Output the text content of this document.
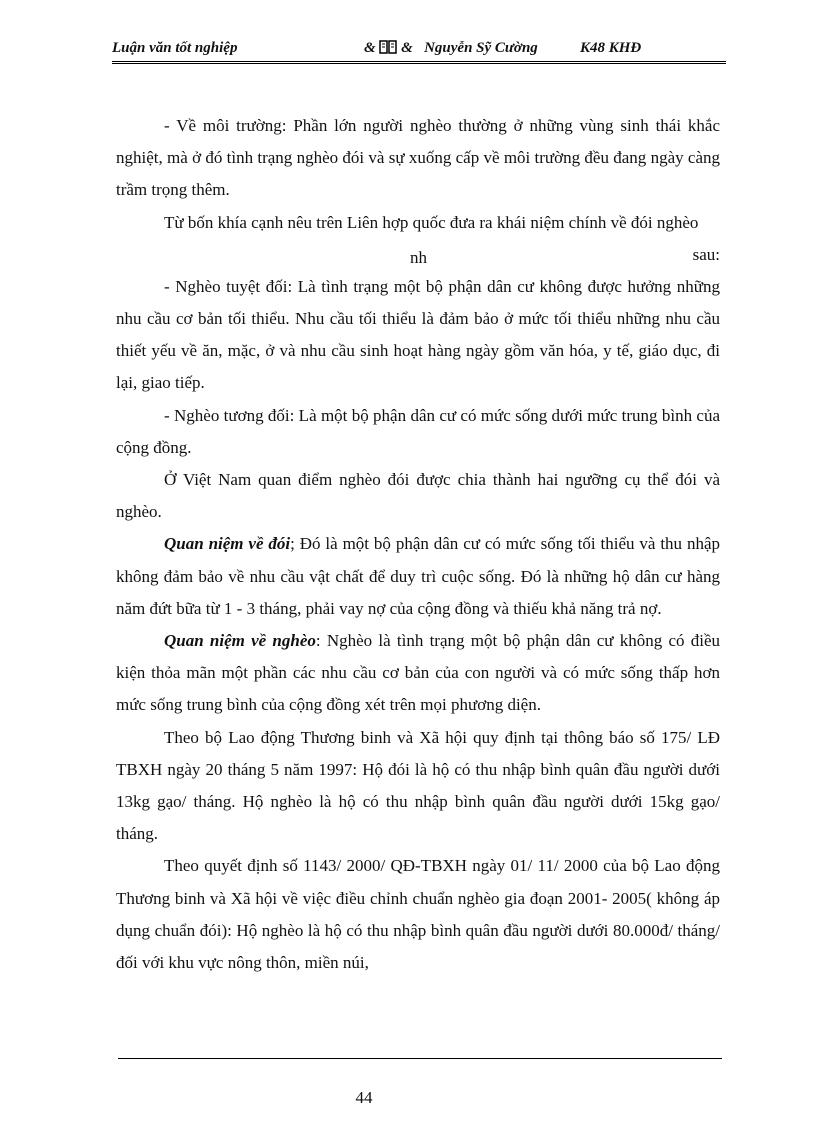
Luận văn tốt nghiệp	& & Nguyễn Sỹ Cường	K48 KHĐ

- Về môi trường: Phần lớn người nghèo thường ở những vùng sinh thái khắc nghiệt, mà ở đó tình trạng nghèo đói và sự xuống cấp về môi trường đều đang ngày càng trầm trọng thêm.

Từ bốn khía cạnh nêu trên Liên hợp quốc đưa ra khái niệm chính về đói nghèo

nh	sau:

- Nghèo tuyệt đối: Là tình trạng một bộ phận dân cư không được hưởng những nhu cầu cơ bản tối thiểu. Nhu cầu tối thiểu là đảm bảo ở mức tối thiểu những nhu cầu thiết yếu về ăn, mặc, ở và nhu cầu sinh hoạt hàng ngày gồm văn hóa, y tế, giáo dục, đi lại, giao tiếp.

- Nghèo tương đối: Là một bộ phận dân cư có mức sống dưới mức trung bình của cộng đồng.

Ở Việt Nam quan điểm nghèo đói được chia thành hai ngưỡng cụ thể đói và nghèo.

Quan niệm về đói; Đó là một bộ phận dân cư có mức sống tối thiểu và thu nhập không đảm bảo về nhu cầu vật chất để duy trì cuộc sống. Đó là những hộ dân cư hàng năm đứt bữa từ 1 - 3 tháng, phải vay nợ của cộng đồng và thiếu khả năng trả nợ.

Quan niệm về nghèo: Nghèo là tình trạng một bộ phận dân cư không có điều kiện thỏa mãn một phần các nhu cầu cơ bản của con người và có mức sống thấp hơn mức sống trung bình của cộng đồng xét trên mọi phương diện.

Theo bộ Lao động Thương binh và Xã hội quy định tại thông báo số 175/ LĐ TBXH ngày 20 tháng 5 năm 1997: Hộ đói là hộ có thu nhập bình quân đầu người dưới 13kg gạo/ tháng. Hộ nghèo là hộ có thu nhập bình quân đầu người dưới 15kg gạo/ tháng.

Theo quyết định số 1143/ 2000/ QĐ-TBXH ngày 01/ 11/ 2000 của bộ Lao động Thương binh và Xã hội về việc điều chỉnh chuẩn nghèo gia đoạn 2001- 2005( không áp dụng chuẩn đói): Hộ nghèo là hộ có thu nhập bình quân đầu người dưới 80.000đ/ tháng/ đối với khu vực nông thôn, miền núi,

44
